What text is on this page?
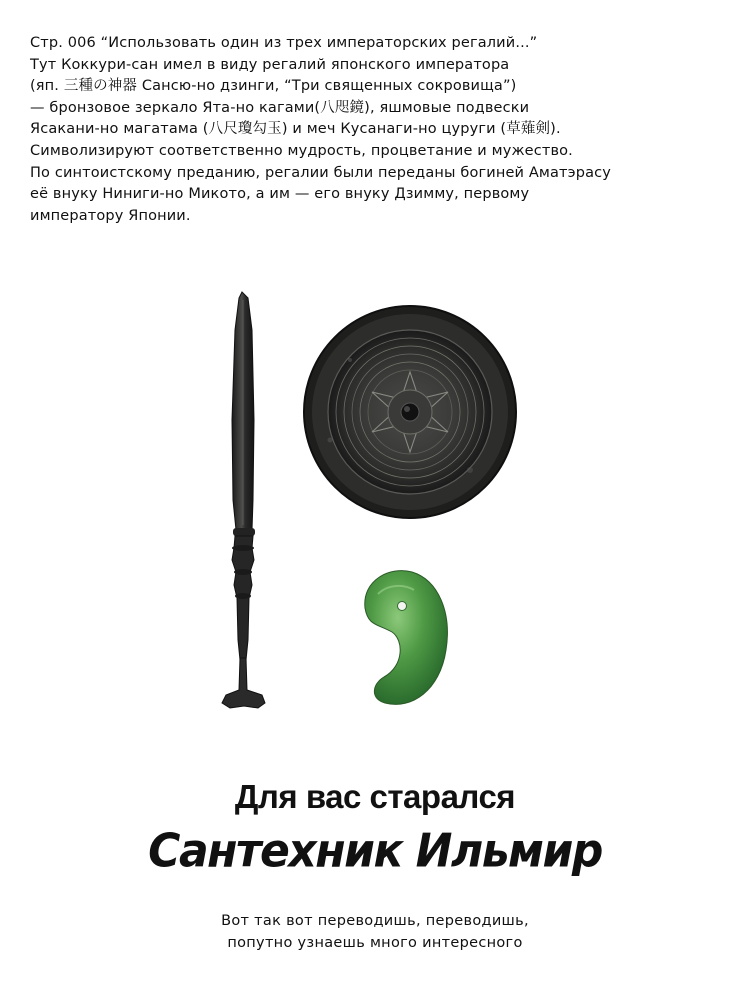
Стр. 006 “Использовать один из трех императорских регалий...”
Тут Коккури-сан имел в виду регалий японского императора
(яп. 三種の神器 Сансю-но дзинги, “Три священных сокровища”)
— бронзовое зеркало Ята-но кагами(八咫鏡), яшмовые подвески
Ясакани-но магатама (八尺瓊勾玉) и меч Кусанаги-но цуруги (草薙剣).
Символизируют соответственно мудрость, процветание и мужество.
По синтоистскому преданию, регалии были переданы богиней Аматэрасу
её внуку Ниниги-но Микото, а им — его внуку Дзимму, первому
императору Японии.
Для вас старался
Сантехник Ильмир
Вот так вот переводишь, переводишь,
попутно узнаешь много интересного
